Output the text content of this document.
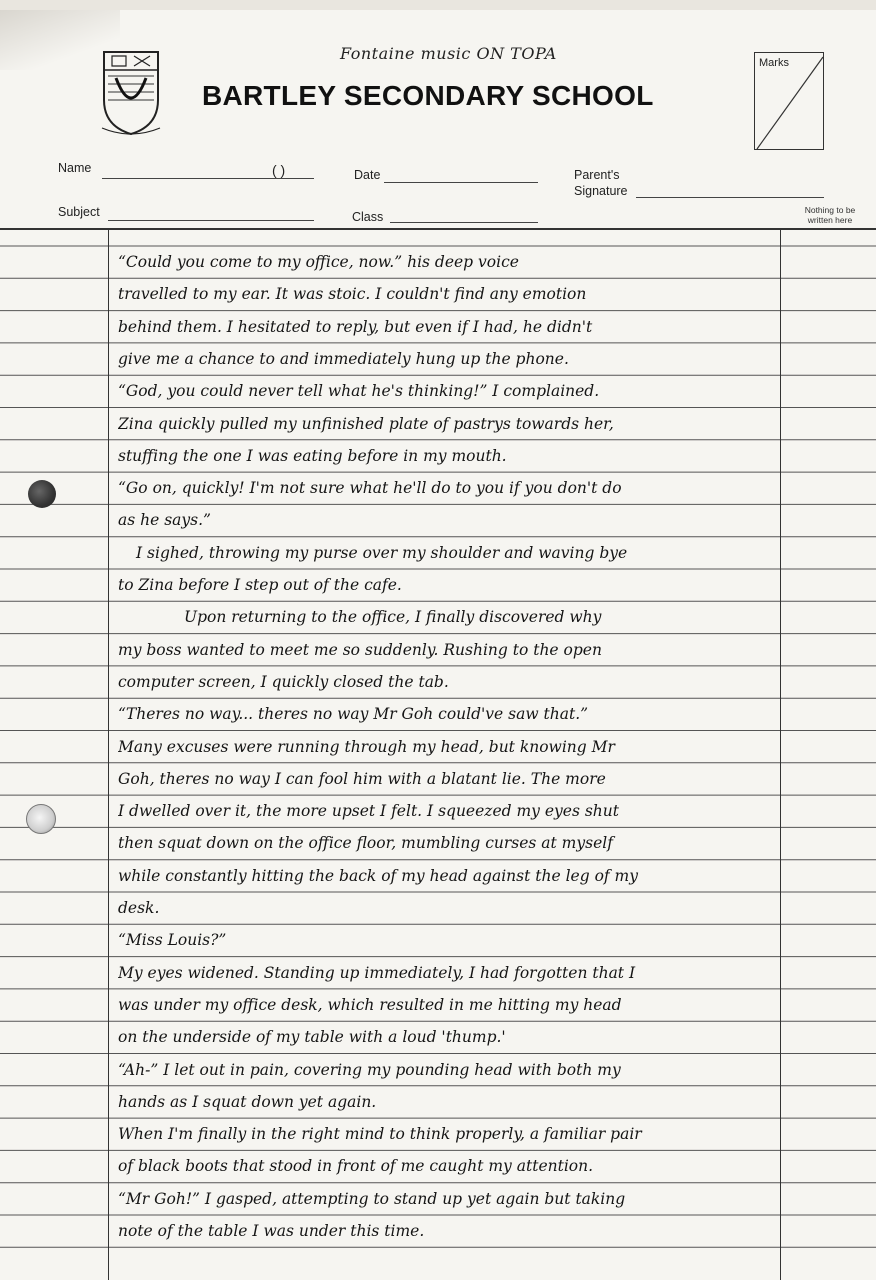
Fontaine music ON TOPA
BARTLEY SECONDARY SCHOOL
Marks
Name	( )	Date	Parent's
Signature
Subject	Class	Nothing to be written here
“Could you come to my office, now.” his deep voice
travelled to my ear. It was stoic. I couldn't find any emotion
behind them. I hesitated to reply, but even if I had, he didn't
give me a chance to and immediately hung up the phone.
“God, you could never tell what he's thinking!” I complained.
Zina quickly pulled my unfinished plate of pastrys towards her,
stuffing the one I was eating before in my mouth.
“Go on, quickly! I'm not sure what he'll do to you if you don't do
as he says.”
I sighed, throwing my purse over my shoulder and waving bye
to Zina before I step out of the cafe.
Upon returning to the office, I finally discovered why
my boss wanted to meet me so suddenly. Rushing to the open
computer screen, I quickly closed the tab.
“Theres no way... theres no way Mr Goh could've saw that.”
Many excuses were running through my head, but knowing Mr
Goh, theres no way I can fool him with a blatant lie. The more
I dwelled over it, the more upset I felt. I squeezed my eyes shut
then squat down on the office floor, mumbling curses at myself
while constantly hitting the back of my head against the leg of my
desk.
“Miss Louis?”
My eyes widened. Standing up immediately, I had forgotten that I
was under my office desk, which resulted in me hitting my head
on the underside of my table with a loud 'thump.'
“Ah-” I let out in pain, covering my pounding head with both my
hands as I squat down yet again.
When I'm finally in the right mind to think properly, a familiar pair
of black boots that stood in front of me caught my attention.
“Mr Goh!” I gasped, attempting to stand up yet again but taking
note of the table I was under this time.
